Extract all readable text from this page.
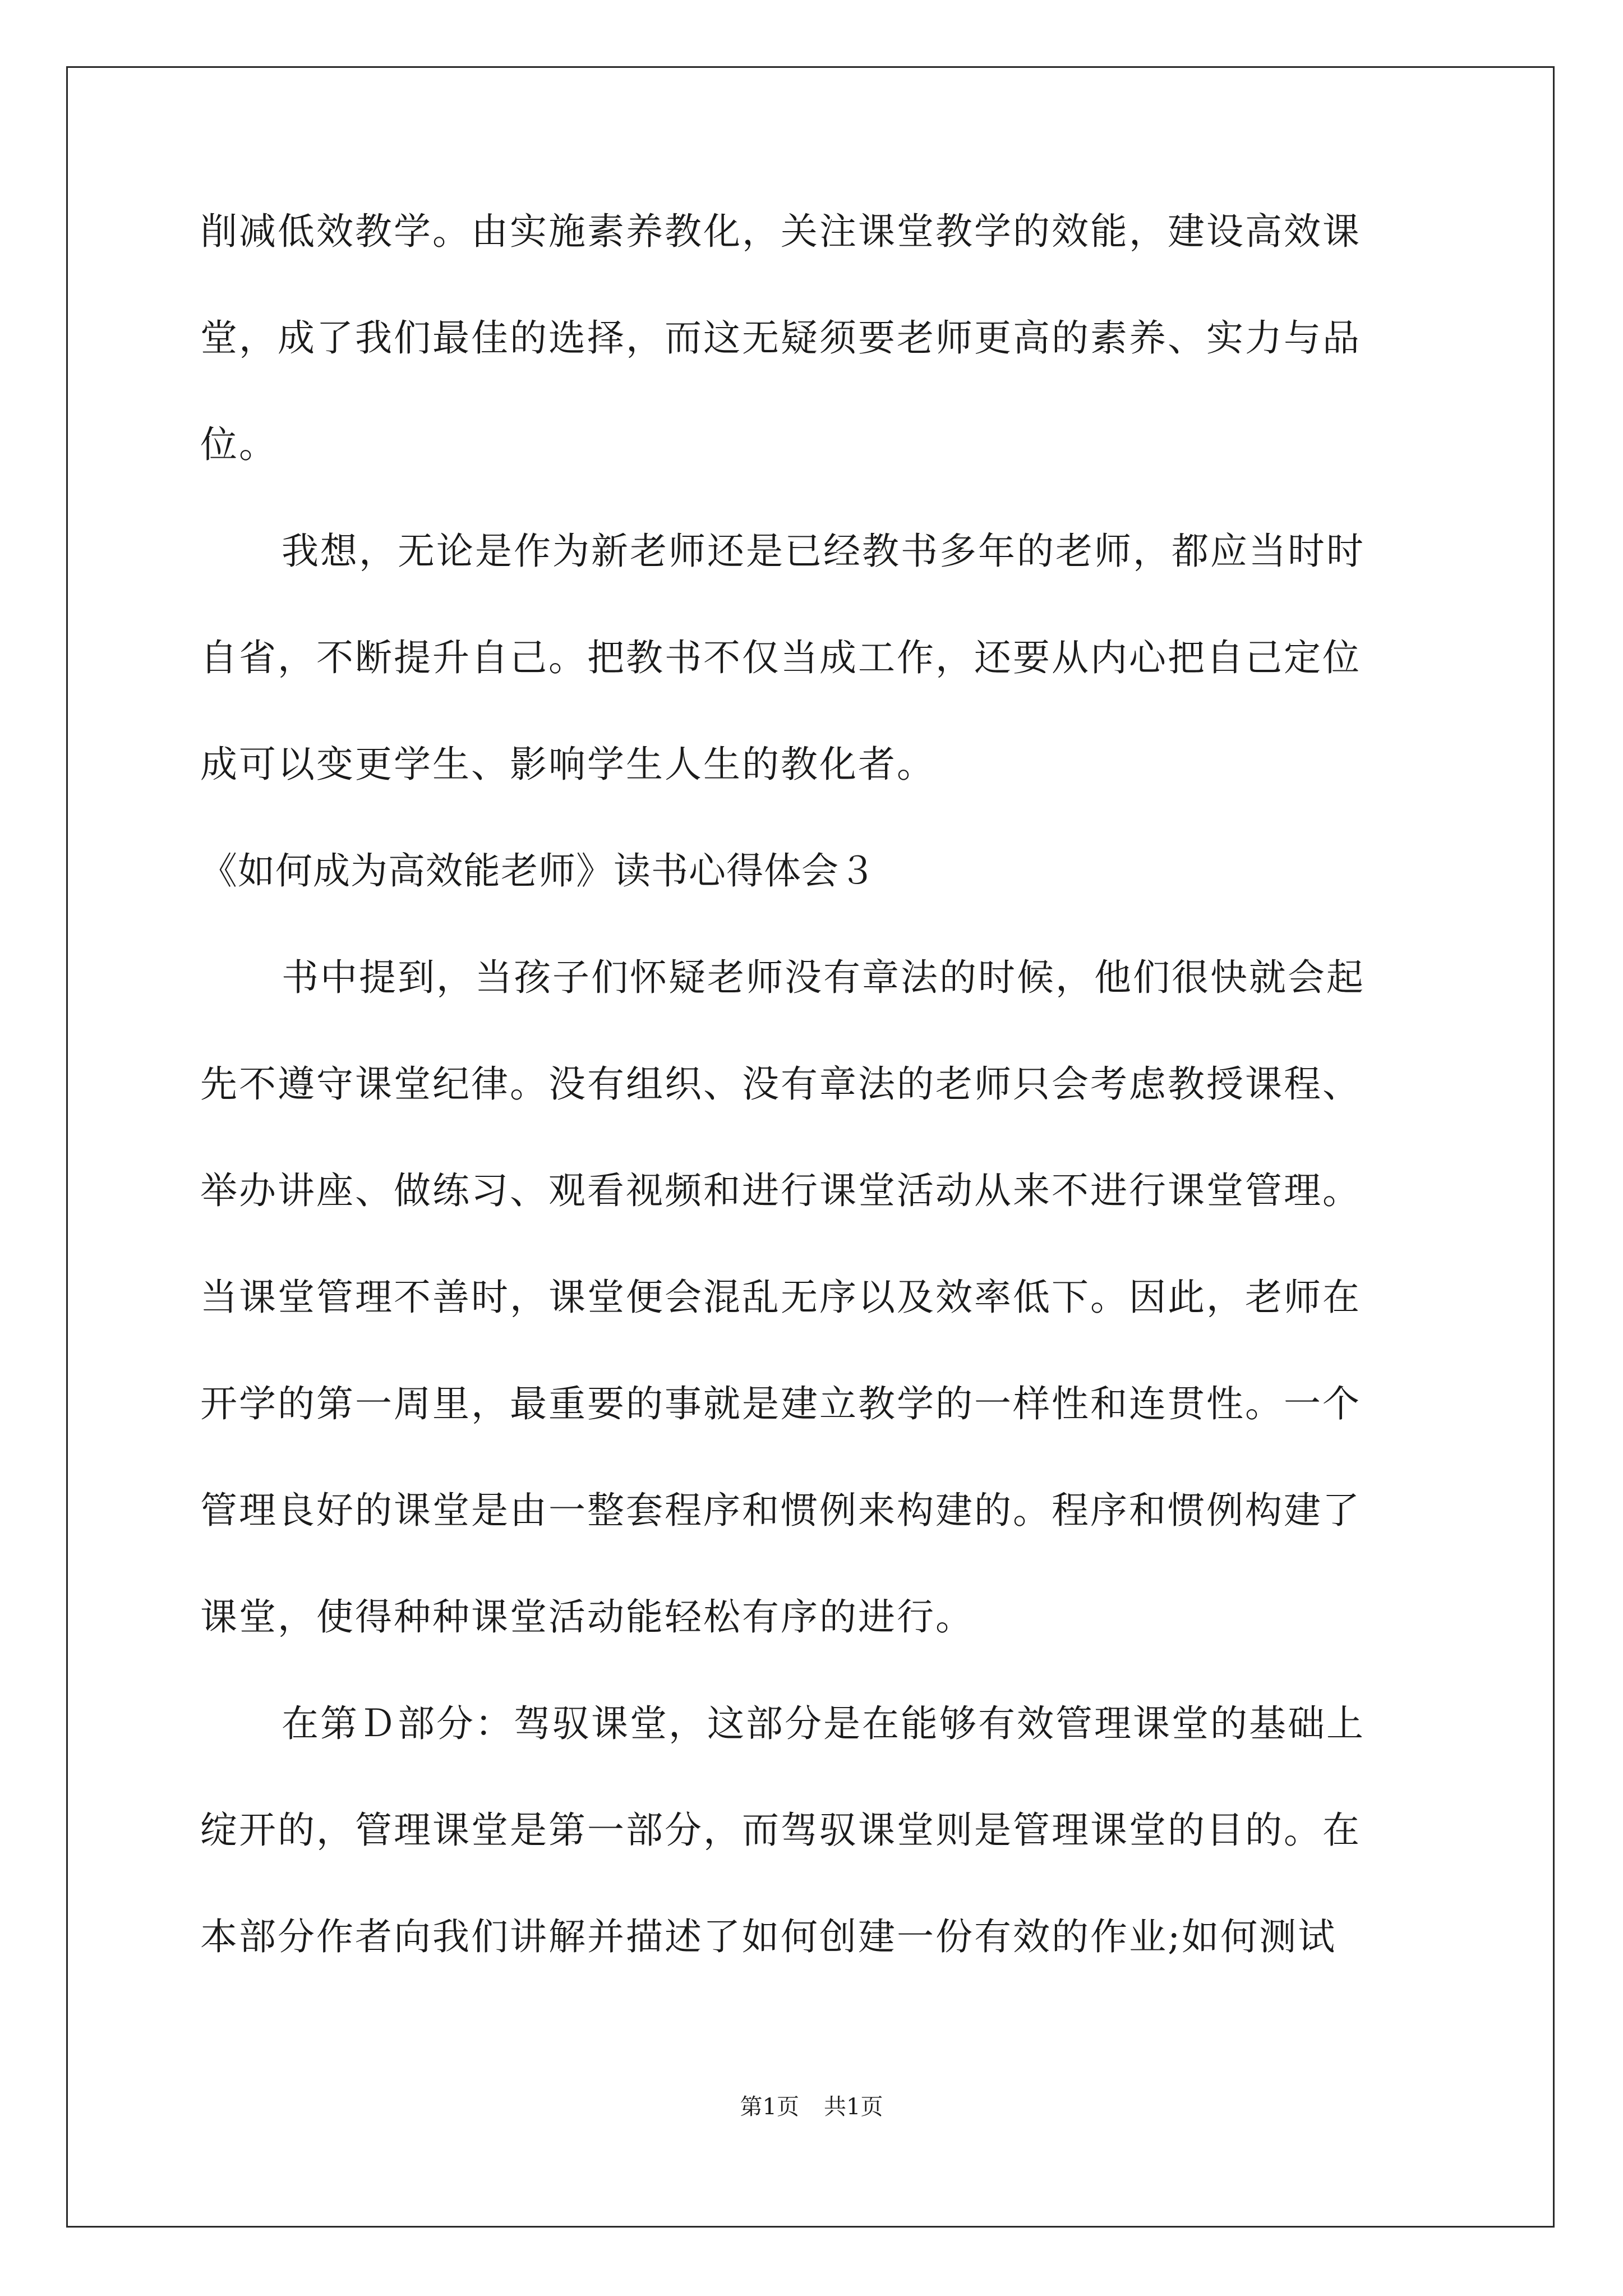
削减低效教学。由实施素养教化，关注课堂教学的效能，建设高效课
堂，成了我们最佳的选择，而这无疑须要老师更高的素养、实力与品
位。
我想，无论是作为新老师还是已经教书多年的老师，都应当时时
自省，不断提升自己。把教书不仅当成工作，还要从内心把自己定位
成可以变更学生、影响学生人生的教化者。
《如何成为高效能老师》读书心得体会３
书中提到，当孩子们怀疑老师没有章法的时候，他们很快就会起
先不遵守课堂纪律。没有组织、没有章法的老师只会考虑教授课程、
举办讲座、做练习、观看视频和进行课堂活动从来不进行课堂管理。
当课堂管理不善时，课堂便会混乱无序以及效率低下。因此，老师在
开学的第一周里，最重要的事就是建立教学的一样性和连贯性。一个
管理良好的课堂是由一整套程序和惯例来构建的。程序和惯例构建了
课堂，使得种种课堂活动能轻松有序的进行。
在第Ｄ部分：驾驭课堂，这部分是在能够有效管理课堂的基础上
绽开的，管理课堂是第一部分，而驾驭课堂则是管理课堂的目的。在
本部分作者向我们讲解并描述了如何创建一份有效的作业;如何测试
第1页 共1页
